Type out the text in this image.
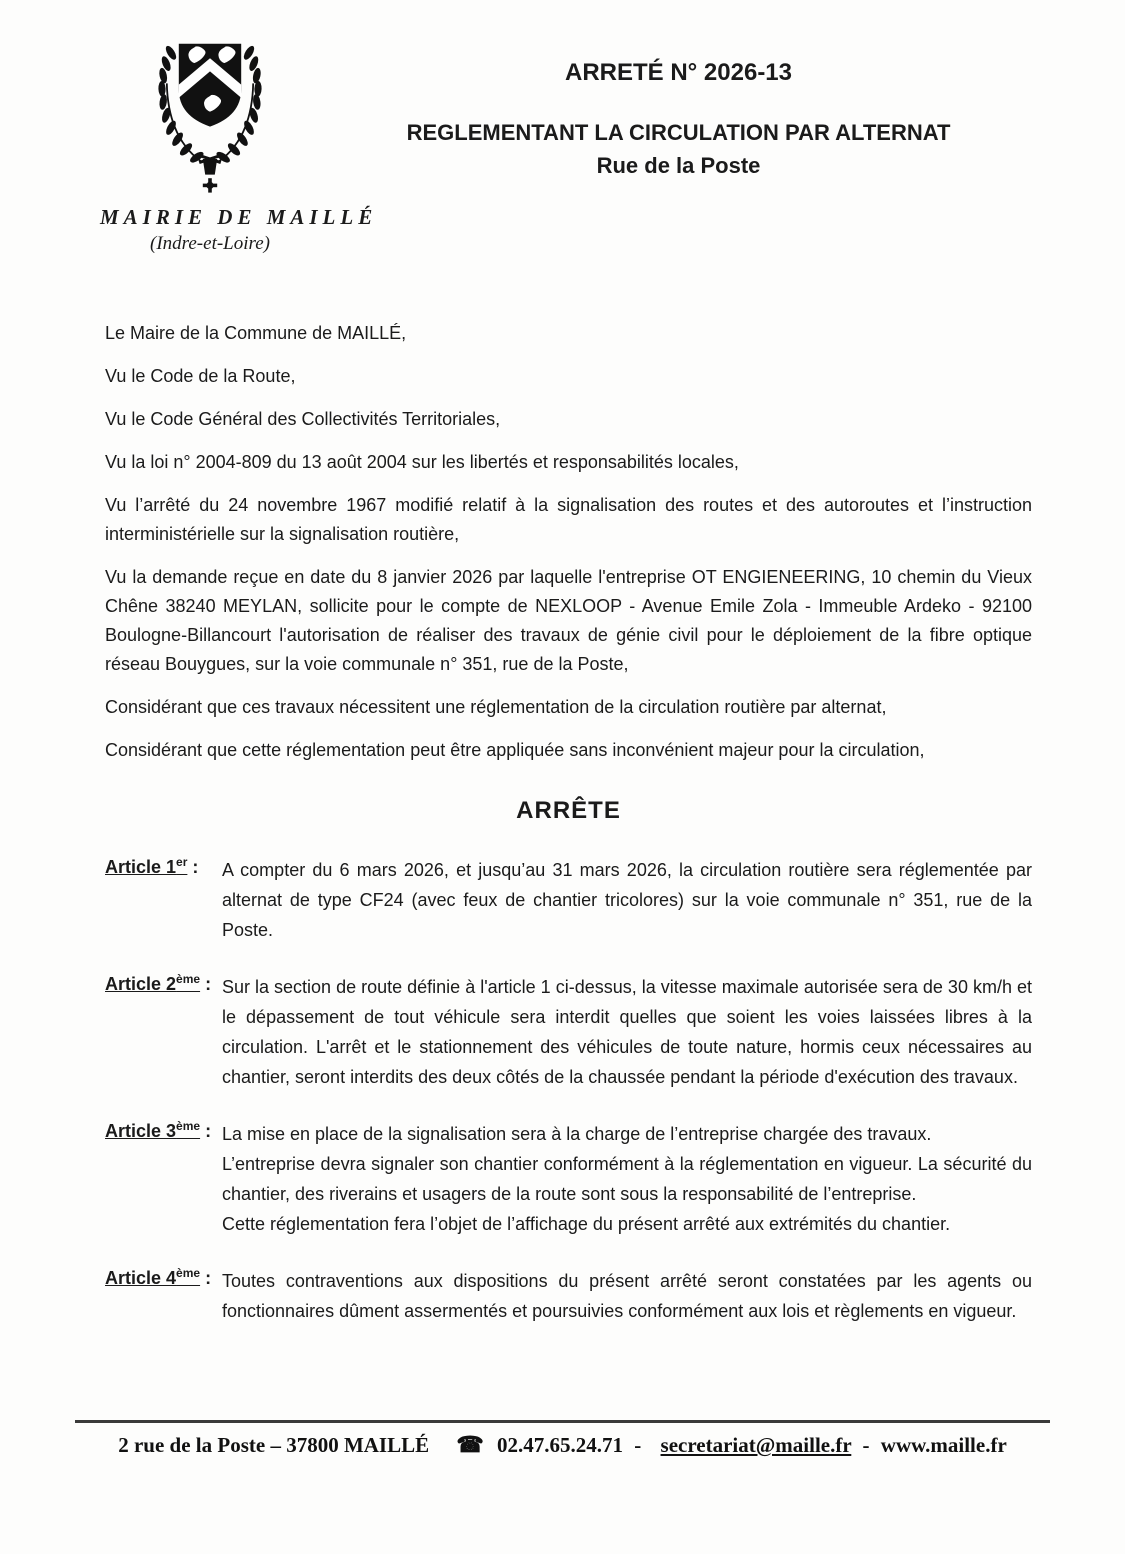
MAIRIE DE MAILLÉ
(Indre-et-Loire)
ARRETÉ N° 2026-13
REGLEMENTANT LA CIRCULATION PAR ALTERNAT
Rue de la Poste

Le Maire de la Commune de MAILLÉ,

Vu le Code de la Route,

Vu le Code Général des Collectivités Territoriales,

Vu la loi n° 2004-809 du 13 août 2004 sur les libertés et responsabilités locales,

Vu l’arrêté du 24 novembre 1967 modifié relatif à la signalisation des routes et des autoroutes et l’instruction interministérielle sur la signalisation routière,

Vu la demande reçue en date du 8 janvier 2026 par laquelle l'entreprise OT ENGIENEERING, 10 chemin du Vieux Chêne 38240 MEYLAN, sollicite pour le compte de NEXLOOP - Avenue Emile Zola - Immeuble Ardeko - 92100 Boulogne-Billancourt l'autorisation de réaliser des travaux de génie civil pour le déploiement de la fibre optique réseau Bouygues, sur la voie communale n° 351, rue de la Poste,

Considérant que ces travaux nécessitent une réglementation de la circulation routière par alternat,

Considérant que cette réglementation peut être appliquée sans inconvénient majeur pour la circulation,

ARRÊTE
Article 1er :	A compter du 6 mars 2026, et jusqu’au 31 mars 2026, la circulation routière sera réglementée par alternat de type CF24 (avec feux de chantier tricolores) sur la voie communale n° 351, rue de la Poste.

Article 2ème : Sur la section de route définie à l'article 1 ci-dessus, la vitesse maximale autorisée sera de 30 km/h et le dépassement de tout véhicule sera interdit quelles que soient les voies laissées libres à la circulation. L'arrêt et le stationnement des véhicules de toute nature, hormis ceux nécessaires au chantier, seront interdits des deux côtés de la chaussée pendant la période d'exécution des travaux.

Article 3ème : La mise en place de la signalisation sera à la charge de l’entreprise chargée des travaux.

L’entreprise devra signaler son chantier conformément à la réglementation en vigueur. La sécurité du chantier, des riverains et usagers de la route sont sous la responsabilité de l’entreprise.

Cette réglementation fera l’objet de l’affichage du présent arrêté aux extrémités du chantier.

Article 4ème : Toutes contraventions aux dispositions du présent arrêté seront constatées par les agents ou fonctionnaires dûment assermentés et poursuivies conformément aux lois et règlements en vigueur.

2 rue de la Poste – 37800 MAILLÉ ☎ 02.47.65.24.71 - secretariat@maille.fr - www.maille.fr
